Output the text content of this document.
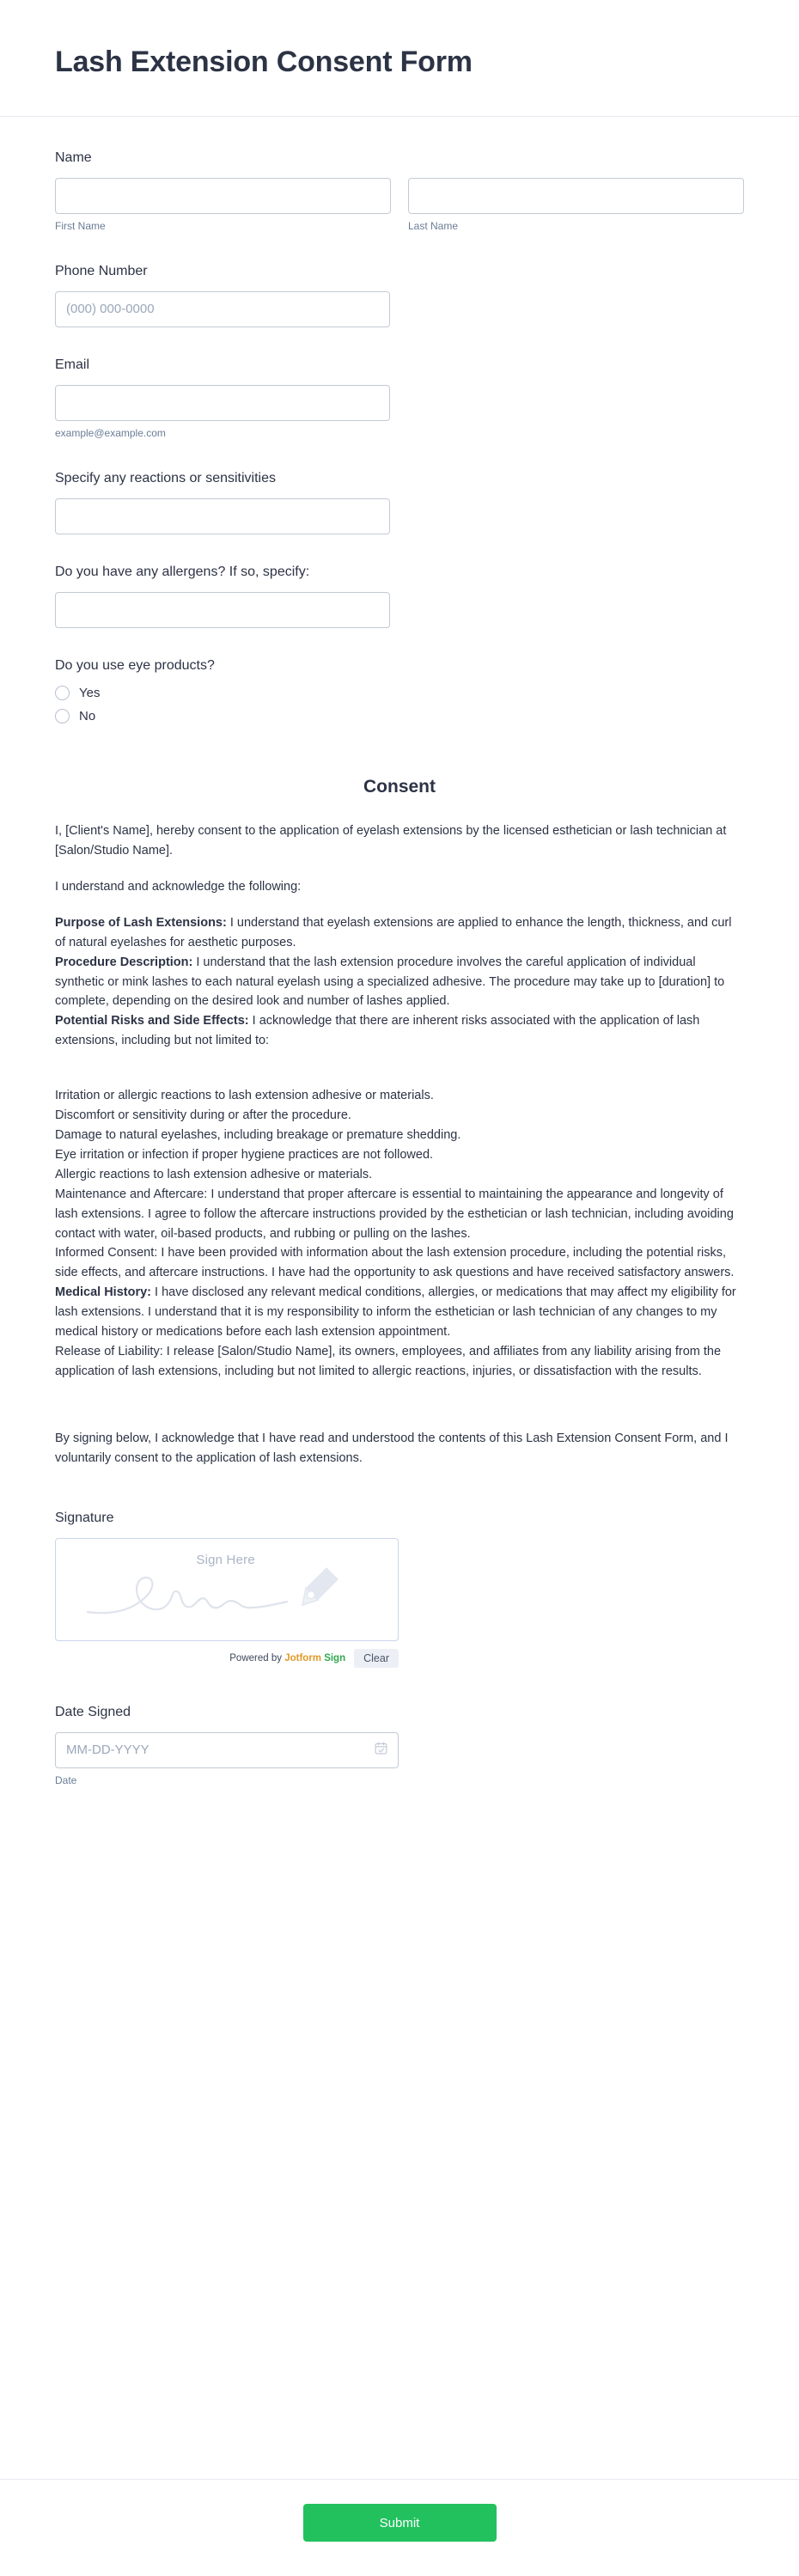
Lash Extension Consent Form
Name
First Name	Last Name
Phone Number
(000) 000-0000
Email
example@example.com
Specify any reactions or sensitivities
Do you have any allergens? If so, specify:
Do you use eye products?
Yes
No
Consent

I, [Client's Name], hereby consent to the application of eyelash extensions by the licensed esthetician or lash technician at [Salon/Studio Name].

I understand and acknowledge the following:

Purpose of Lash Extensions: I understand that eyelash extensions are applied to enhance the length, thickness, and curl of natural eyelashes for aesthetic purposes.

Procedure Description: I understand that the lash extension procedure involves the careful application of individual synthetic or mink lashes to each natural eyelash using a specialized adhesive. The procedure may take up to [duration] to complete, depending on the desired look and number of lashes applied.

Potential Risks and Side Effects: I acknowledge that there are inherent risks associated with the application of lash extensions, including but not limited to:

Irritation or allergic reactions to lash extension adhesive or materials.

Discomfort or sensitivity during or after the procedure.

Damage to natural eyelashes, including breakage or premature shedding.

Eye irritation or infection if proper hygiene practices are not followed.

Allergic reactions to lash extension adhesive or materials.

Maintenance and Aftercare: I understand that proper aftercare is essential to maintaining the appearance and longevity of lash extensions. I agree to follow the aftercare instructions provided by the esthetician or lash technician, including avoiding contact with water, oil-based products, and rubbing or pulling on the lashes.

Informed Consent: I have been provided with information about the lash extension procedure, including the potential risks, side effects, and aftercare instructions. I have had the opportunity to ask questions and have received satisfactory answers.

Medical History: I have disclosed any relevant medical conditions, allergies, or medications that may affect my eligibility for lash extensions. I understand that it is my responsibility to inform the esthetician or lash technician of any changes to my medical history or medications before each lash extension appointment.

Release of Liability: I release [Salon/Studio Name], its owners, employees, and affiliates from any liability arising from the application of lash extensions, including but not limited to allergic reactions, injuries, or dissatisfaction with the results.

By signing below, I acknowledge that I have read and understood the contents of this Lash Extension Consent Form, and I voluntarily consent to the application of lash extensions.

Signature
Sign Here
Powered by Jotform Sign	Clear
Date Signed
MM-DD-YYYY
Date
Submit
